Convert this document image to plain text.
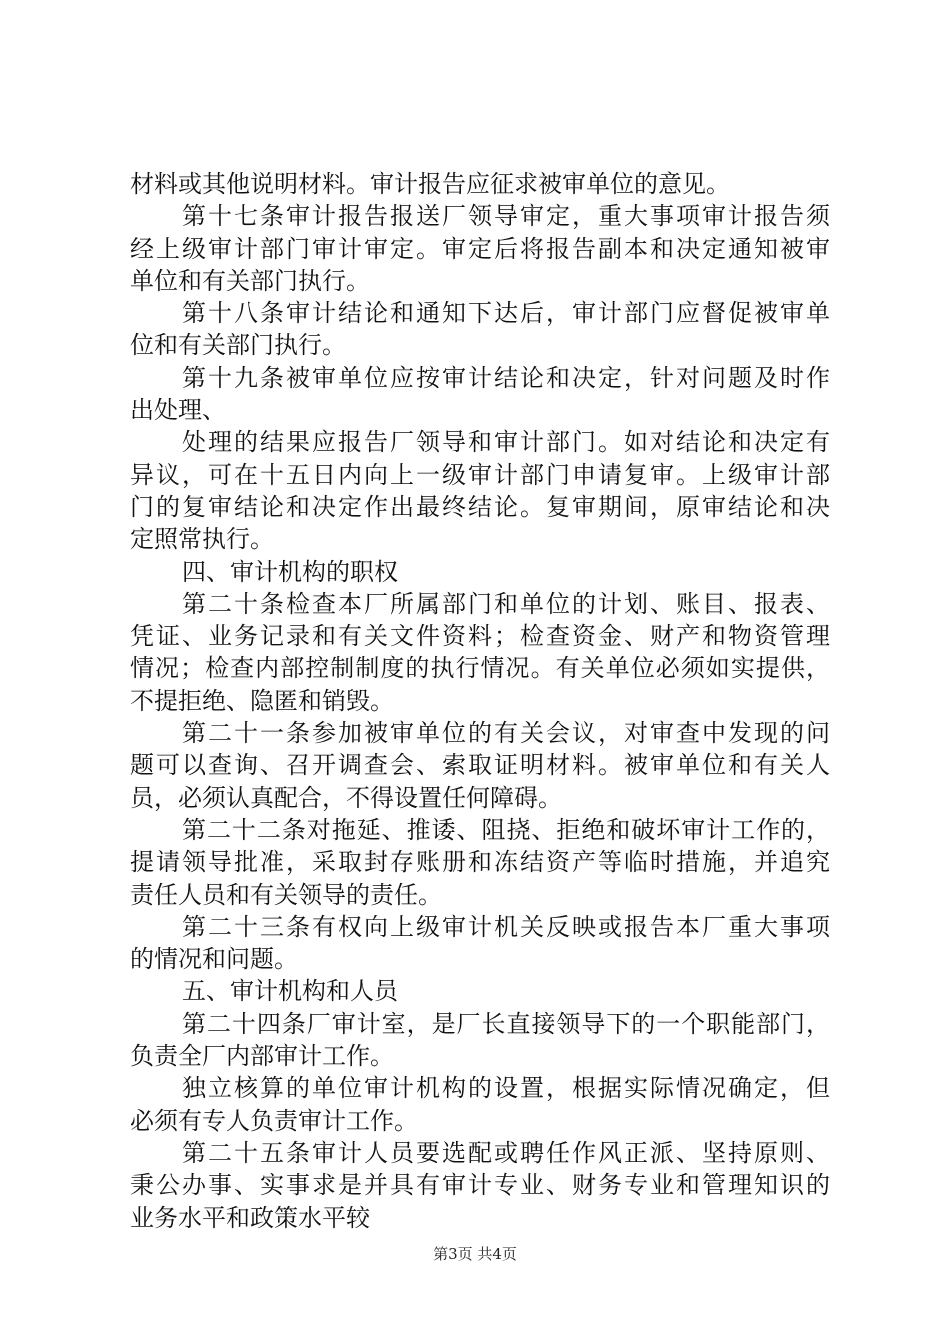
材料或其他说明材料。审计报告应征求被审单位的意见。
第十七条审计报告报送厂领导审定，重大事项审计报告须
经上级审计部门审计审定。审定后将报告副本和决定通知被审
单位和有关部门执行。
第十八条审计结论和通知下达后，审计部门应督促被审单
位和有关部门执行。
第十九条被审单位应按审计结论和决定，针对问题及时作
出处理、
处理的结果应报告厂领导和审计部门。如对结论和决定有
异议，可在十五日内向上一级审计部门申请复审。上级审计部
门的复审结论和决定作出最终结论。复审期间，原审结论和决
定照常执行。
四、审计机构的职权
第二十条检查本厂所属部门和单位的计划、账目、报表、
凭证、业务记录和有关文件资料；检查资金、财产和物资管理
情况；检查内部控制制度的执行情况。有关单位必须如实提供，
不提拒绝、隐匿和销毁。
第二十一条参加被审单位的有关会议，对审查中发现的问
题可以查询、召开调查会、索取证明材料。被审单位和有关人
员，必须认真配合，不得设置任何障碍。
第二十二条对拖延、推诿、阻挠、拒绝和破坏审计工作的，
提请领导批准，采取封存账册和冻结资产等临时措施，并追究
责任人员和有关领导的责任。
第二十三条有权向上级审计机关反映或报告本厂重大事项
的情况和问题。
五、审计机构和人员
第二十四条厂审计室，是厂长直接领导下的一个职能部门，
负责全厂内部审计工作。
独立核算的单位审计机构的设置，根据实际情况确定，但
必须有专人负责审计工作。
第二十五条审计人员要选配或聘任作风正派、坚持原则、
秉公办事、实事求是并具有审计专业、财务专业和管理知识的
业务水平和政策水平较
第3页 共4页
